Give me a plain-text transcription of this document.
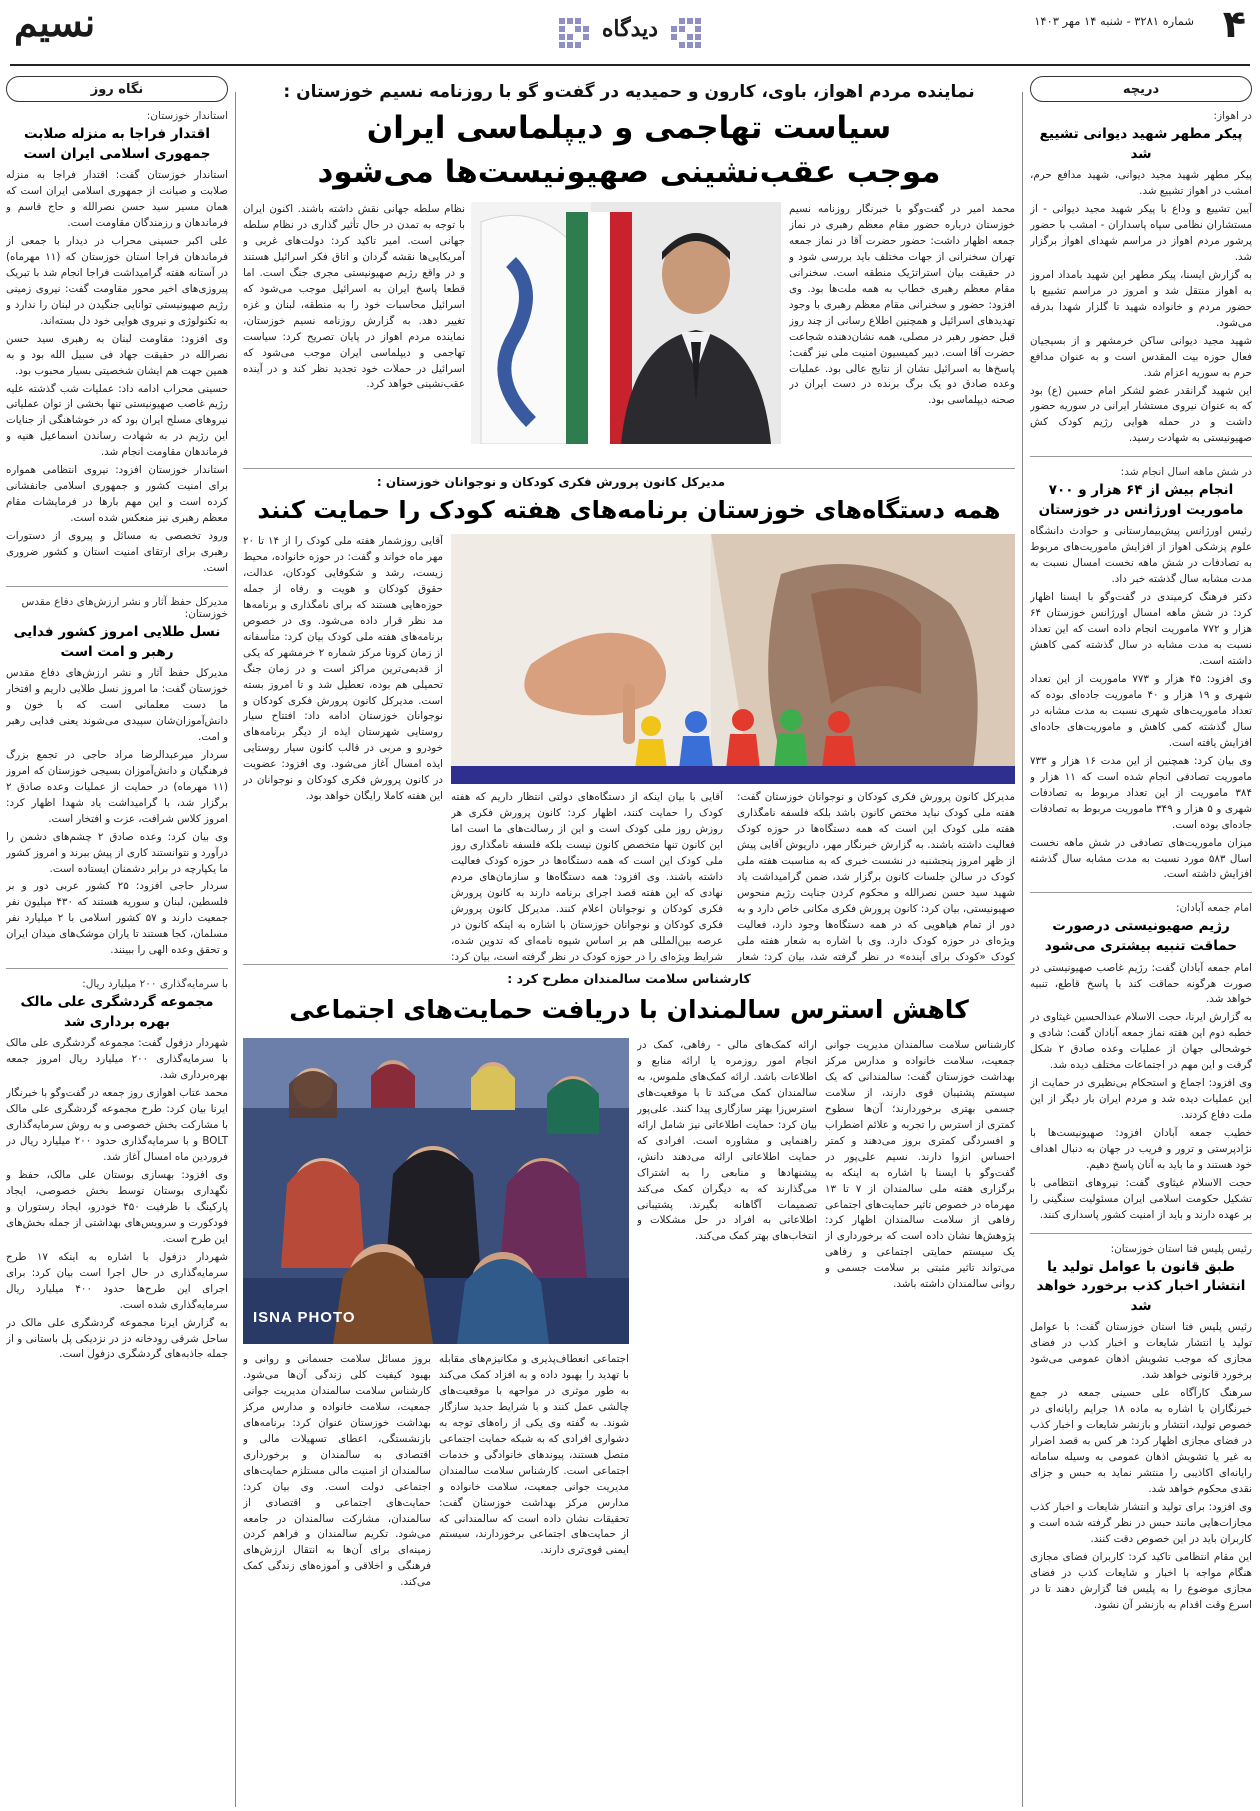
۴
شماره ۳۲۸۱ - شنبه ۱۴ مهر ۱۴۰۳
نسیم	دیدگاه
دریچه
در اهواز:
پیکر مطهر شهید دیوانی تشییع شد

پیکر مطهر شهید مجید دیوانی، شهید مدافع حرم، امشب در اهواز تشییع شد.

آیین تشییع و وداع با پیکر شهید مجید دیوانی - از مستشاران نظامی سپاه پاسداران - امشب با حضور پرشور مردم اهواز در مراسم شهدای اهواز برگزار شد.

به گزارش ایسنا، پیکر مطهر این شهید بامداد امروز به اهواز منتقل شد و امروز در مراسم تشییع با حضور مردم و خانواده شهید تا گلزار شهدا بدرقه می‌شود.

شهید مجید دیوانی ساکن خرمشهر و از بسیجیان فعال حوزه بیت المقدس است و به عنوان مدافع حرم به سوریه اعزام شد.

این شهید گرانقدر عضو لشکر امام حسین (ع) بود که به عنوان نیروی مستشار ایرانی در سوریه حضور داشت و در حمله هوایی رژیم کودک کش صهیونیستی به شهادت رسید.

در شش ماهه اسال انجام شد:
انجام بیش از ۶۴ هزار و ۷۰۰ ماموریت اورژانس در خوزستان

رئیس اورژانس پیش‌بیمارستانی و حوادث دانشگاه علوم پزشکی اهواز از افزایش ماموریت‌های مربوط به تصادفات در شش ماهه نخست امسال نسبت به مدت مشابه سال گذشته خبر داد.

دکتر فرهنگ کرمیندی در گفت‌وگو با ایسنا اظهار کرد: در شش ماهه امسال اورژانس خوزستان ۶۴ هزار و ۷۷۲ ماموریت انجام داده است که این تعداد نسبت به مدت مشابه در سال گذشته کمی کاهش داشته است.

وی افزود: ۴۵ هزار و ۷۷۳ ماموریت از این تعداد شهری و ۱۹ هزار و ۴۰ ماموریت جاده‌ای بوده که تعداد ماموریت‌های شهری نسبت به مدت مشابه در سال گذشته کمی کاهش و ماموریت‌های جاده‌ای افزایش یافته است.

وی بیان کرد: همچنین از این مدت ۱۶ هزار و ۷۳۳ ماموریت تصادفی انجام شده است که ۱۱ هزار و ۳۸۴ ماموریت از این تعداد مربوط به تصادفات شهری و ۵ هزار و ۳۴۹ ماموریت مربوط به تصادفات جاده‌ای بوده است.

میزان ماموریت‌های تصادفی در شش ماهه نخست اسال ۵۸۳ مورد نسبت به مدت مشابه سال گذشته افزایش داشته است.

امام جمعه آبادان:
رژیم صهیونیستی درصورت حماقت تنبیه بیشتری می‌شود

امام جمعه آبادان گفت: رژیم غاصب صهیونیستی در صورت هرگونه حماقت کند با پاسخ قاطع، تنبیه خواهد شد.

به گزارش ایرنا، حجت الاسلام عبدالحسین غیثاوی در خطبه دوم این هفته نماز جمعه آبادان گفت: شادی و خوشحالی جهان از عملیات وعده صادق ۲ شکل گرفت و این مهم در اجتماعات مختلف دیده شد.

وی افزود: اجماع و استحکام بی‌نظیری در حمایت از این عملیات دیده شد و مردم ایران بار دیگر از این ملت دفاع کردند.

خطیب جمعه آبادان افزود: صهیونیست‌ها با نژادپرستی و ترور و فریب در جهان به دنبال اهداف خود هستند و ما باید به آنان پاسخ دهیم.

حجت الاسلام غیثاوی گفت: نیروهای انتظامی با تشکیل حکومت اسلامی ایران مسئولیت سنگینی را بر عهده دارند و باید از امنیت کشور پاسداری کنند.

رئیس پلیس فتا استان خوزستان:
طبق قانون با عوامل تولید یا انتشار اخبار کذب برخورد خواهد شد

رئیس پلیس فتا استان خوزستان گفت: با عوامل تولید یا انتشار شایعات و اخبار کذب در فضای مجازی که موجب تشویش اذهان عمومی می‌شود برخورد قانونی خواهد شد.

سرهنگ کارآگاه علی حسینی جمعه در جمع خبرنگاران با اشاره به ماده ۱۸ جرایم رایانه‌ای در خصوص تولید، انتشار و بازنشر شایعات و اخبار کذب در فضای مجازی اظهار کرد: هر کس به قصد اضرار به غیر یا تشویش اذهان عمومی به وسیله سامانه رایانه‌ای اکاذیبی را منتشر نماید به حبس و جزای نقدی محکوم خواهد شد.

وی افزود: برای تولید و انتشار شایعات و اخبار کذب مجازات‌هایی مانند حبس در نظر گرفته شده است و کاربران باید در این خصوص دقت کنند.

این مقام انتظامی تاکید کرد: کاربران فضای مجازی هنگام مواجه با اخبار و شایعات کذب در فضای مجازی موضوع را به پلیس فتا گزارش دهند تا در اسرع وقت اقدام به بازنشر آن نشود.

نگاه روز
استاندار خوزستان:
اقتدار فراجا به منزله صلابت جمهوری اسلامی ایران است

استاندار خوزستان گفت: اقتدار فراجا به منزله صلابت و صیانت از جمهوری اسلامی ایران است که همان مسیر سید حسن نصرالله و حاج قاسم و فرماندهان و رزمندگان مقاومت است.

علی اکبر حسینی محراب در دیدار با جمعی از فرماندهان فراجا استان خوزستان که (۱۱ مهرماه) در آستانه هفته گرامیداشت فراجا انجام شد با تبریک پیروزی‌های اخیر محور مقاومت گفت: نیروی زمینی رژیم صهیونیستی توانایی جنگیدن در لبنان را ندارد و به تکنولوژی و نیروی هوایی خود دل بسته‌اند.

وی افزود: مقاومت لبنان به رهبری سید حسن نصرالله در حقیقت جهاد فی سبیل الله بود و به همین جهت هم ایشان شخصیتی بسیار محبوب بود.

حسینی محراب ادامه داد: عملیات شب گذشته علیه رژیم غاصب صهیونیستی تنها بخشی از توان عملیاتی نیروهای مسلح ایران بود که در خوشاهنگی از جنایات این رژیم در به شهادت رساندن اسماعیل هنیه و فرماندهان مقاومت انجام شد.

استاندار خوزستان افزود: نیروی انتظامی همواره برای امنیت کشور و جمهوری اسلامی جانفشانی کرده است و این مهم بارها در فرمایشات مقام معظم رهبری نیز منعکس شده است.

ورود تخصصی به مسائل و پیروی از دستورات رهبری برای ارتقای امنیت استان و کشور ضروری است.

مدیرکل حفظ آثار و نشر ارزش‌های دفاع مقدس خوزستان:
نسل طلایی امروز کشور فدایی رهبر و امت است

مدیرکل حفظ آثار و نشر ارزش‌های دفاع مقدس خوزستان گفت: ما امروز نسل طلایی داریم و افتخار ما دست معلمانی است که با خون و دانش‌آموزان‌شان سپیدی می‌شوند یعنی فدایی رهبر و امت.

سردار میرعبدالرضا مراد حاجی در تجمع بزرگ فرهنگیان و دانش‌آموزان بسیجی خوزستان که امروز (۱۱ مهرماه) در حمایت از عملیات وعده صادق ۲ برگزار شد، با گرامیداشت یاد شهدا اظهار کرد: امروز کلاس شرافت، عزت و افتخار است.

وی بیان کرد: وعده صادق ۲ چشم‌های دشمن را درآورد و نتوانستند کاری از پیش ببرند و امروز کشور ما یکپارچه در برابر دشمنان ایستاده است.

سردار حاجی افزود: ۲۵ کشور عربی دور و بر فلسطین، لبنان و سوریه هستند که ۴۳۰ میلیون نفر جمعیت دارند و ۵۷ کشور اسلامی با ۲ میلیارد نفر مسلمان، کجا هستند تا یاران موشک‌های میدان ایران و تحقق وعده الهی را ببینند.

با سرمایه‌گذاری ۲۰۰ میلیارد ریال:
مجموعه گردشگری علی مالک بهره برداری شد

شهردار دزفول گفت: مجموعه گردشگری علی مالک با سرمایه‌گذاری ۲۰۰ میلیارد ریال امروز جمعه بهره‌برداری شد.

محمد عتاب اهوازی روز جمعه در گفت‌وگو با خبرنگار ایرنا بیان کرد: طرح مجموعه گردشگری علی مالک با مشارکت بخش خصوصی و به روش سرمایه‌گذاری BOLT و با سرمایه‌گذاری حدود ۲۰۰ میلیارد ریال در فروردین ماه امسال آغاز شد.

وی افزود: بهسازی بوستان علی مالک، حفظ و نگهداری بوستان توسط بخش خصوصی، ایجاد پارکینگ با ظرفیت ۴۵۰ خودرو، ایجاد رستوران و فودکورت و سرویس‌های بهداشتی از جمله بخش‌های این طرح است.

شهردار دزفول با اشاره به اینکه ۱۷ طرح سرمایه‌گذاری در حال اجرا است بیان کرد: برای اجرای این طرح‌ها حدود ۴۰۰ میلیارد ریال سرمایه‌گذاری شده است.

به گزارش ایرنا مجموعه گردشگری علی مالک در ساحل شرقی رودخانه دز در نزدیکی پل باستانی و از جمله جاذبه‌های گردشگری دزفول است.

نماینده مردم اهواز، باوی، کارون و حمیدیه در گفت‌و گو با روزنامه نسیم خوزستان :
سیاست تهاجمی و دیپلماسی ایران
موجب عقب‌نشینی صهیونیست‌ها می‌شود
محمد امیر در گفت‌وگو با خبرنگار روزنامه نسیم خوزستان درباره حضور مقام معظم رهبری در نماز جمعه اظهار داشت: حضور حضرت آقا در نماز جمعه تهران سخنرانی از جهات مختلف باید بررسی شود و در حقیقت بیان استراتژیک منطقه است. سخنرانی مقام معظم رهبری خطاب به همه ملت‌ها بود. وی افزود: حضور و سخنرانی مقام معظم رهبری با وجود تهدیدهای اسرائیل و همچنین اطلاع رسانی از چند روز قبل حضور رهبر در مصلی، همه نشان‌دهنده شجاعت حضرت آقا است. دبیر کمیسیون امنیت ملی نیز گفت: پاسخ‌ها به اسرائیل نشان از نتایج عالی بود. عملیات وعده صادق دو یک برگ برنده در دست ایران در صحنه دیپلماسی بود.
نظام سلطه جهانی نقش داشته باشند. اکنون ایران با توجه به تمدن در حال تأثیر گذاری در نظام سلطه جهانی است. امیر تاکید کرد: دولت‌های غربی و آمریکایی‌ها نقشه گردان و اتاق فکر اسرائیل هستند و در واقع رژیم صهیونیستی مجری جنگ است. اما قطعا پاسخ ایران به اسرائیل موجب می‌شود که اسرائیل محاسبات خود را به منطقه، لبنان و غزه تغییر دهد. به گزارش روزنامه نسیم خوزستان، نماینده مردم اهواز در پایان تصریح کرد: سیاست تهاجمی و دیپلماسی ایران موجب می‌شود که اسرائیل در حملات خود تجدید نظر کند و در آینده عقب‌نشینی خواهد کرد.
مدیرکل کانون پرورش فکری کودکان و نوجوانان خوزستان :
همه دستگاه‌های خوزستان برنامه‌های هفته کودک را حمایت کنند
آقایی روزشمار هفته ملی کودک را از ۱۴ تا ۲۰ مهر ماه خواند و گفت: در حوزه خانواده، محیط زیست، رشد و شکوفایی کودکان، عدالت، حقوق کودکان و هویت و رفاه از جمله حوزه‌هایی هستند که برای نامگذاری و برنامه‌ها مد نظر قرار داده می‌شود. وی در خصوص برنامه‌های هفته ملی کودک بیان کرد: متأسفانه از زمان کرونا مرکز شماره ۲ خرمشهر که یکی از قدیمی‌ترین مراکز است و در زمان جنگ تحمیلی هم بوده، تعطیل شد و تا امروز بسته است. مدیرکل کانون پرورش فکری کودکان و نوجوانان خوزستان ادامه داد: افتتاح سیار روستایی شهرستان ایذه از دیگر برنامه‌های خودرو و مربی در قالب کانون سیار روستایی ایذه امسال آغاز می‌شود. وی افزود: عضویت در کانون پرورش فکری کودکان و نوجوانان در این هفته کاملا رایگان خواهد بود.	آقایی با بیان اینکه از دستگاه‌های دولتی انتظار داریم که هفته کودک را حمایت کنند، اظهار کرد: کانون پرورش فکری هر روزش روز ملی کودک است و این از رسالت‌های ما است اما این کانون تنها متخصص کانون نیست بلکه فلسفه نامگذاری روز ملی کودک این است که همه دستگاه‌ها در حوزه کودک فعالیت داشته باشند. وی افزود: همه دستگاه‌ها و سازمان‌های مردم نهادی که این هفته قصد اجرای برنامه دارند به کانون پرورش فکری کودکان و نوجوانان اعلام کنند. مدیرکل کانون پرورش فکری کودکان و نوجوانان خوزستان با اشاره به اینکه کانون در عرصه بین‌المللی هم بر اساس شیوه نامه‌ای که تدوین شده، شرایط ویژه‌ای را در حوزه کودک در نظر گرفته است، بیان کرد:
مدیرکل کانون پرورش فکری کودکان و نوجوانان خوزستان گفت: هفته ملی کودک نباید مختص کانون باشد بلکه فلسفه نامگذاری هفته ملی کودک این است که همه دستگاه‌ها در حوزه کودک فعالیت داشته باشند. به گزارش خبرنگار مهر، داریوش آقایی پیش از ظهر امروز پنجشنبه در نشست خبری که به مناسبت هفته ملی کودک در سالن جلسات کانون برگزار شد، ضمن گرامیداشت یاد شهید سید حسن نصرالله و محکوم کردن جنایت رژیم منحوس صهیونیستی، بیان کرد: کانون پرورش فکری مکانی خاص دارد و به دور از تمام هیاهویی که در همه دستگاه‌ها وجود دارد، فعالیت ویژه‌ای در حوزه کودک دارد. وی با اشاره به شعار هفته ملی کودک «کودک برای آینده» در نظر گرفته شد، بیان کرد: شعار
کارشناس سلامت سالمندان مطرح کرد :
کاهش استرس سالمندان با دریافت حمایت‌های اجتماعی
کارشناس سلامت سالمندان مدیریت جوانی جمعیت، سلامت خانواده و مدارس مرکز بهداشت خوزستان گفت: سالمندانی که یک سیستم پشتیبان قوی دارند، از سلامت جسمی بهتری برخوردارند؛ آن‌ها سطوح کمتری از استرس را تجربه و علائم اضطراب و افسردگی کمتری بروز می‌دهند و کمتر احساس انزوا دارند. نسیم علی‌پور در گفت‌وگو با ایسنا با اشاره به اینکه به برگزاری هفته ملی سالمندان از ۷ تا ۱۳ مهرماه در خصوص تاثیر حمایت‌های اجتماعی رفاهی از سلامت سالمندان اظهار کرد: پژوهش‌ها نشان داده است که برخورداری از یک سیستم حمایتی اجتماعی و رفاهی می‌تواند تاثیر مثبتی بر سلامت جسمی و روانی سالمندان داشته باشد.
ارائه کمک‌های مالی - رفاهی، کمک در انجام امور روزمره یا ارائه منابع و اطلاعات باشد. ارائه کمک‌های ملموس، به سالمندان کمک می‌کند تا با موقعیت‌های استرس‌زا بهتر سازگاری پیدا کنند. علی‌پور بیان کرد: حمایت اطلاعاتی نیز شامل ارائه راهنمایی و مشاوره است. افرادی که حمایت اطلاعاتی ارائه می‌دهند دانش، پیشنهادها و منابعی را به اشتراک می‌گذارند که به دیگران کمک می‌کند تصمیمات آگاهانه بگیرند. پشتیبانی اطلاعاتی به افراد در حل مشکلات و انتخاب‌های بهتر کمک می‌کند.
ISNA PHOTO
اجتماعی انعطاف‌پذیری و مکانیزم‌های مقابله با تهدید را بهبود داده و به افزاد کمک می‌کند به طور موثری در مواجهه با موقعیت‌های چالشی عمل کنند و با شرایط جدید سازگار شوند. به گفته وی یکی از راه‌های توجه به دشواری افرادی که به شبکه حمایت اجتماعی متصل هستند، پیوندهای خانوادگی و خدمات اجتماعی است. کارشناس سلامت سالمندان مدیریت جوانی جمعیت، سلامت خانواده و مدارس مرکز بهداشت خوزستان گفت: تحقیقات نشان داده است که سالمندانی که از حمایت‌های اجتماعی برخوردارند، سیستم ایمنی قوی‌تری دارند.
بروز مسائل سلامت جسمانی و روانی و بهبود کیفیت کلی زندگی آن‌ها می‌شود. کارشناس سلامت سالمندان مدیریت جوانی جمعیت، سلامت خانواده و مدارس مرکز بهداشت خوزستان عنوان کرد: برنامه‌های بازنشستگی، اعطای تسهیلات مالی و اقتصادی به سالمندان و برخورداری سالمندان از امنیت مالی مستلزم حمایت‌های اجتماعی دولت است. وی بیان کرد: حمایت‌های اجتماعی و اقتصادی از سالمندان، مشارکت سالمندان در جامعه می‌شود. تکریم سالمندان و فراهم کردن زمینه‌ای برای آن‌ها به انتقال ارزش‌های فرهنگی و اخلاقی و آموزه‌های زندگی کمک می‌کند.
